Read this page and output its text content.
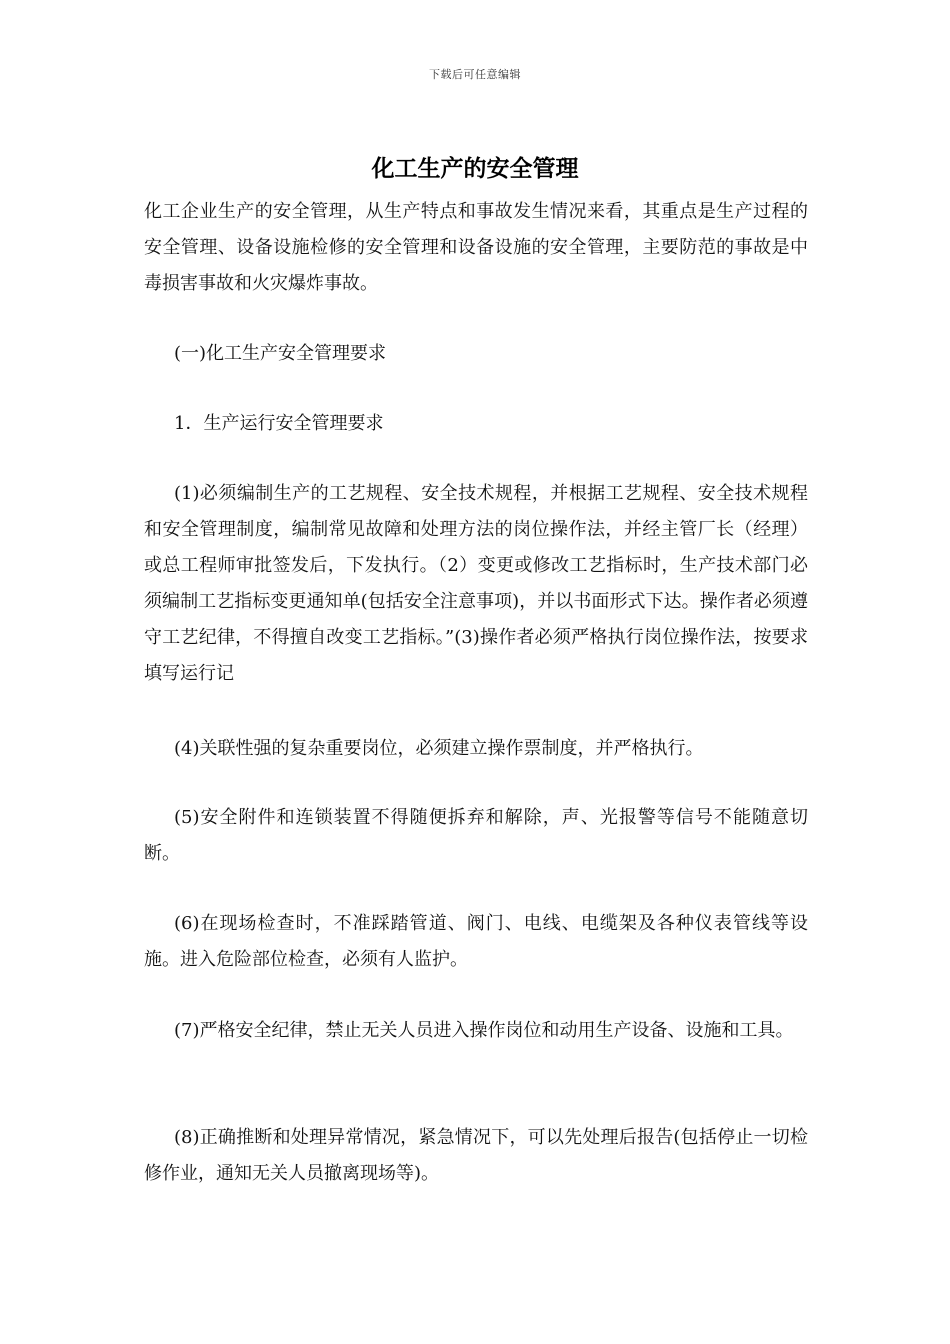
下载后可任意编辑
化工生产的安全管理
化工企业生产的安全管理，从生产特点和事故发生情况来看，其重点是生产过程的安全管理、设备设施检修的安全管理和设备设施的安全管理，主要防范的事故是中毒损害事故和火灾爆炸事故。
(一)化工生产安全管理要求
1．生产运行安全管理要求
(1)必须编制生产的工艺规程、安全技术规程，并根据工艺规程、安全技术规程和安全管理制度，编制常见故障和处理方法的岗位操作法，并经主管厂长（经理）或总工程师审批签发后，下发执行。（2）变更或修改工艺指标时，生产技术部门必须编制工艺指标变更通知单(包括安全注意事项)，并以书面形式下达。操作者必须遵守工艺纪律，不得擅自改变工艺指标。”(3)操作者必须严格执行岗位操作法，按要求填写运行记
(4)关联性强的复杂重要岗位，必须建立操作票制度，并严格执行。
(5)安全附件和连锁装置不得随便拆弃和解除，声、光报警等信号不能随意切断。
(6)在现场检查时，不准踩踏管道、阀门、电线、电缆架及各种仪表管线等设施。进入危险部位检查，必须有人监护。
(7)严格安全纪律，禁止无关人员进入操作岗位和动用生产设备、设施和工具。
(8)正确推断和处理异常情况，紧急情况下，可以先处理后报告(包括停止一切检修作业，通知无关人员撤离现场等)。
